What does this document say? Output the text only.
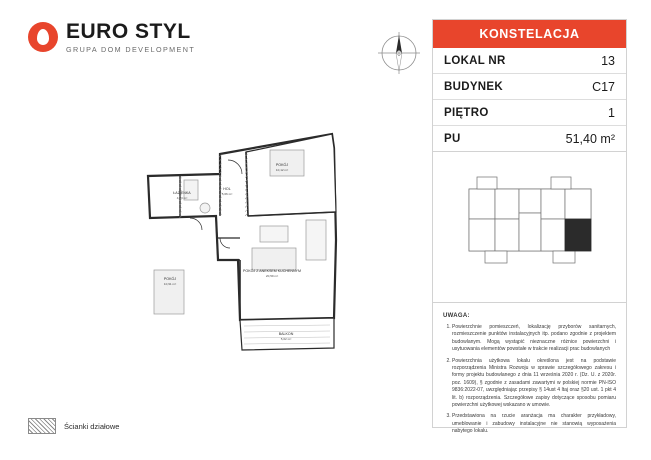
EURO STYL
GRUPA DOM DEVELOPMENT
POKÓJ
10,12 m²
ŁAZIENKA
4,73 m²
HOL
5,66 m²
POKÓJ Z ANEKSEM KUCHENNYM
20,59 m²
POKÓJ
10,91 m²
BALKON
5,02 m²
KONSTELACJA
LOKAL NR	13
BUDYNEK	C17
PIĘTRO	1
PU	51,40 m²
UWAGA:
1. Powierzchnie pomieszczeń, lokalizację przyborów sanitarnych, rozmieszczenie punktów instalacyjnych itp. podano zgodnie z projektem budowlanym. Mogą wystąpić nieznaczne różnice powierzchni i usytuowania elementów powstałe w trakcie realizacji prac budowlanych
2. Powierzchnia użytkowa lokalu określona jest na podstawie rozporządzenia Ministra Rozwoju w sprawie szczegółowego zakresu i formy projektu budowlanego z dnia 11 września 2020 r. (Dz. U. z 2020r. poz. 1609), § zgodnie z zasadami zawartymi w polskiej normie PN-ISO 9836:2022-07, uwzględniając przepisy § 14ust 4 ltaj oraz §20 ust. 1 pkt 4 lit. b) rozporządzenia. Szczegółowe zapisy dotyczące sposobu pomiaru powierzchni użytkowej wskazano w umowie.
3. Przedstawiona na rzucie aranżacja ma charakter przykładowy, umeblowanie i zabudowy instalacyjne nie stanowią wyposażenia nabytego lokalu.
Ścianki działowe
